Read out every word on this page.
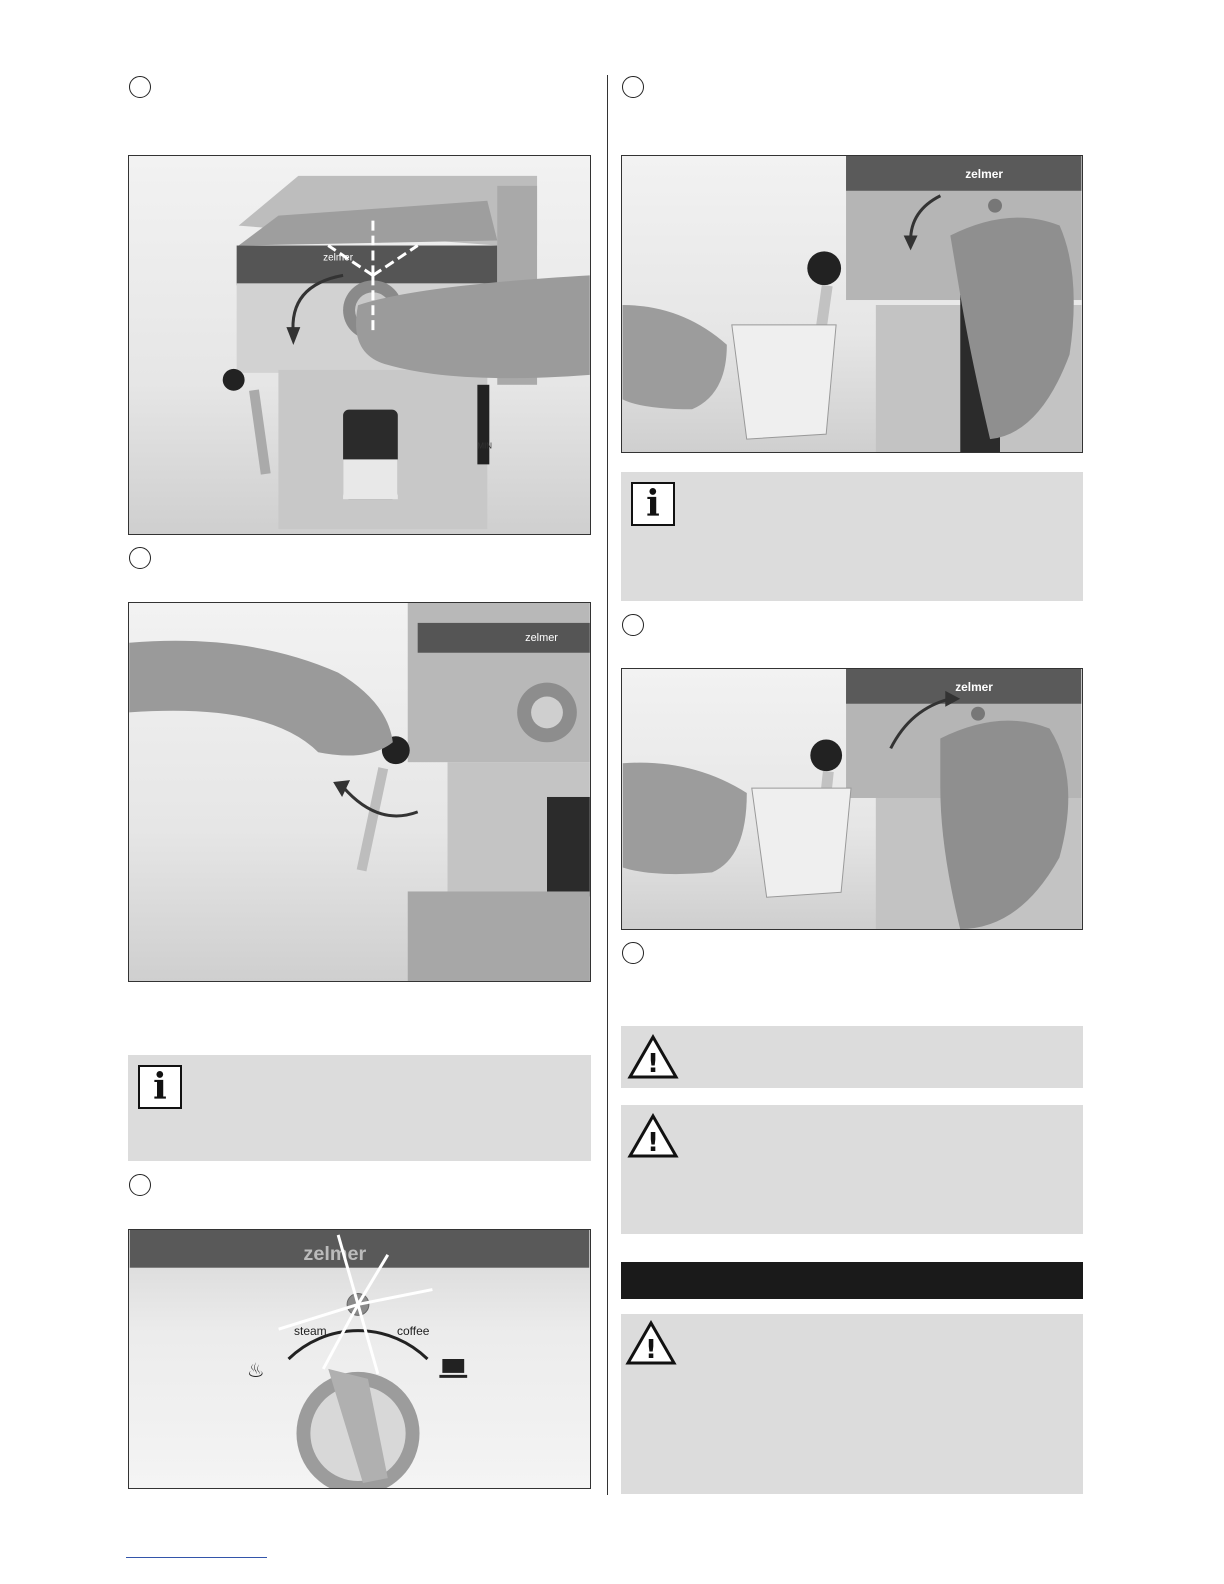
zelmer
MIN
zelmer
i
zelmer
♨
steam	coffee
zelmer
i
zelmer
!
!
!
